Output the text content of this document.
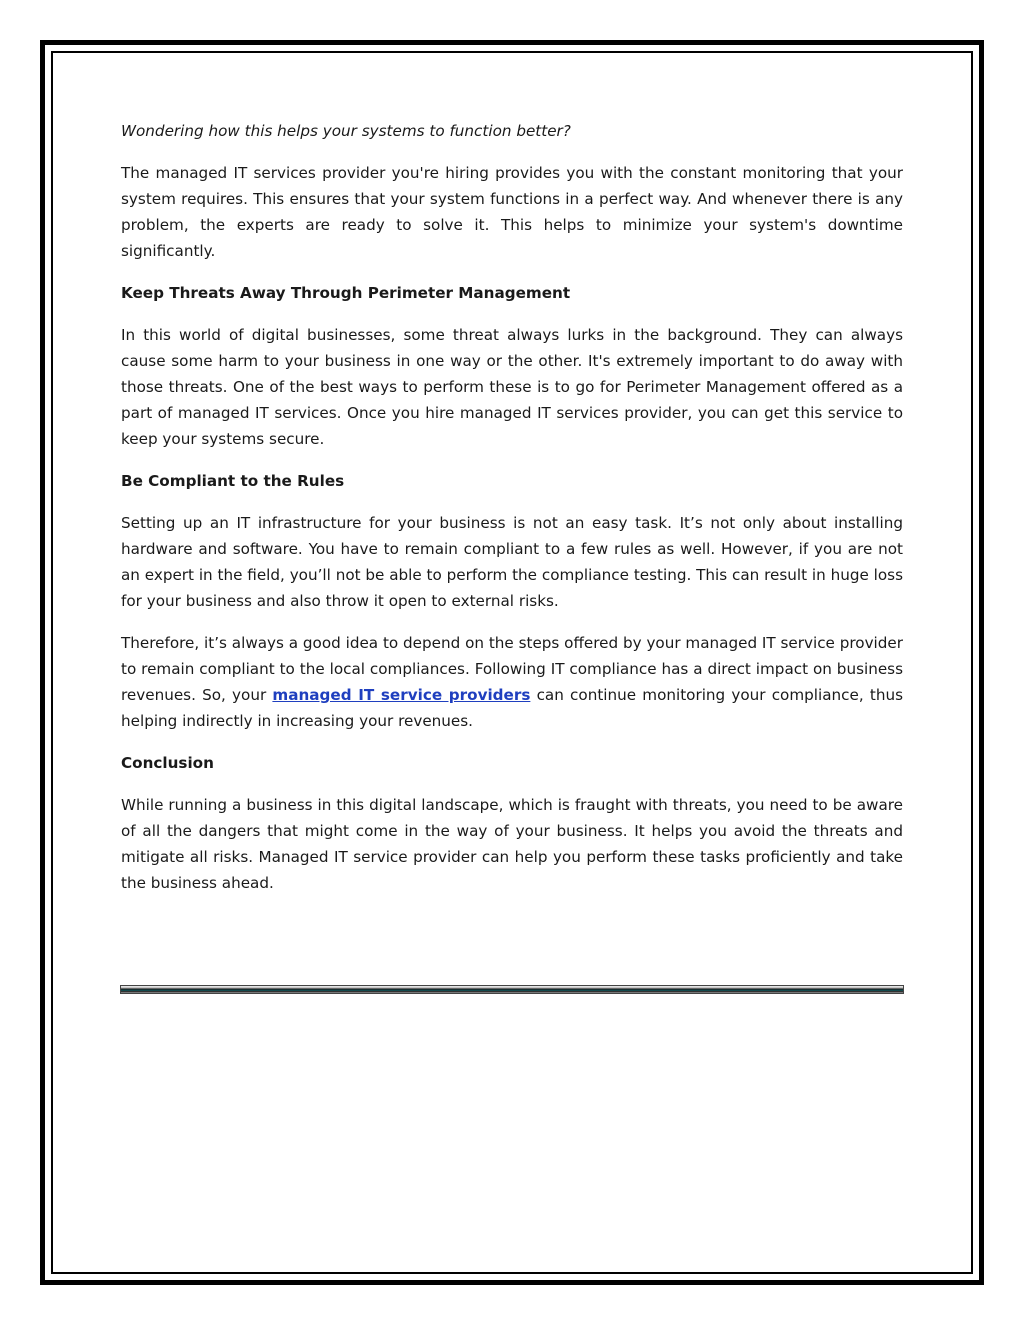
Wondering how this helps your systems to function better?

The managed IT services provider you're hiring provides you with the constant monitoring that your system requires. This ensures that your system functions in a perfect way. And whenever there is any problem, the experts are ready to solve it. This helps to minimize your system's downtime significantly.

Keep Threats Away Through Perimeter Management

In this world of digital businesses, some threat always lurks in the background. They can always cause some harm to your business in one way or the other. It's extremely important to do away with those threats. One of the best ways to perform these is to go for Perimeter Management offered as a part of managed IT services. Once you hire managed IT services provider, you can get this service to keep your systems secure.

Be Compliant to the Rules

Setting up an IT infrastructure for your business is not an easy task. It’s not only about installing hardware and software. You have to remain compliant to a few rules as well. However, if you are not an expert in the field, you’ll not be able to perform the compliance testing. This can result in huge loss for your business and also throw it open to external risks.

Therefore, it’s always a good idea to depend on the steps offered by your managed IT service provider to remain compliant to the local compliances. Following IT compliance has a direct impact on business revenues. So, your managed IT service providers can continue monitoring your compliance, thus helping indirectly in increasing your revenues.

Conclusion

While running a business in this digital landscape, which is fraught with threats, you need to be aware of all the dangers that might come in the way of your business. It helps you avoid the threats and mitigate all risks. Managed IT service provider can help you perform these tasks proficiently and take the business ahead.
